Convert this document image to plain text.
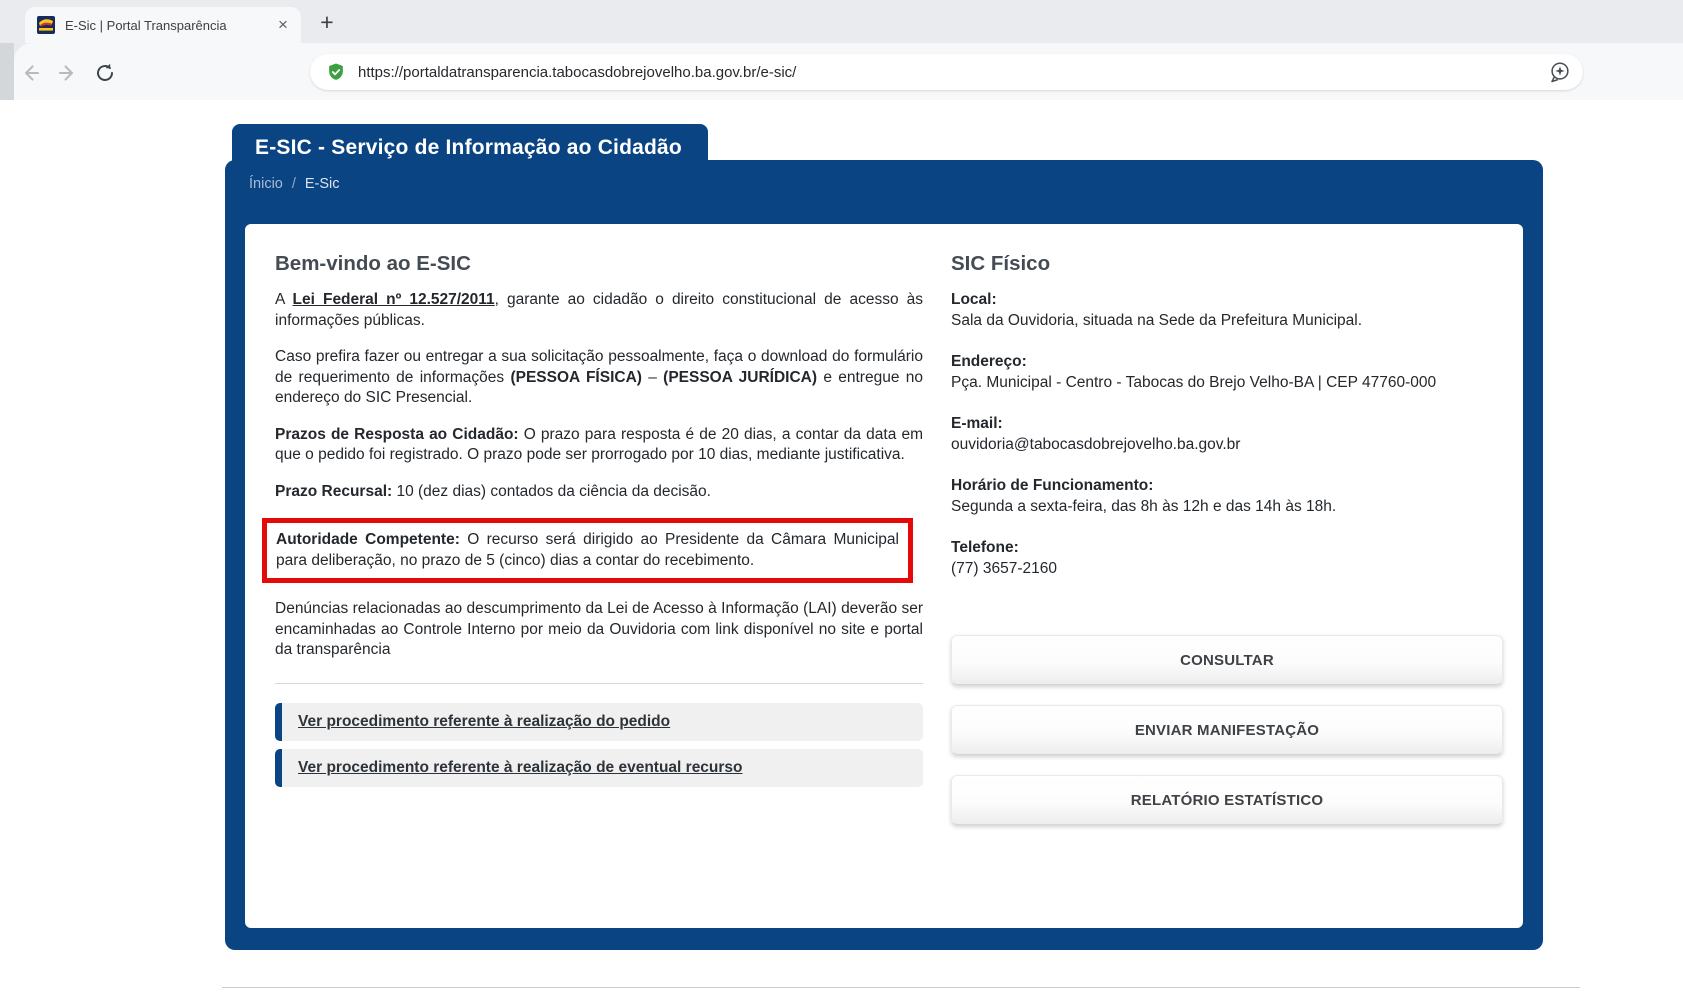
E-Sic | Portal Transparência	×	+
https://portaldatransparencia.tabocasdobrejovelho.ba.gov.br/e-sic/
E-SIC - Serviço de Informação ao Cidadão
Ínicio / E-Sic
Bem-vindo ao E-SIC

A Lei Federal nº 12.527/2011, garante ao cidadão o direito constitucional de acesso às informações públicas.

Caso prefira fazer ou entregar a sua solicitação pessoalmente, faça o download do formulário de requerimento de informações (PESSOA FÍSICA) – (PESSOA JURÍDICA) e entregue no endereço do SIC Presencial.

Prazos de Resposta ao Cidadão: O prazo para resposta é de 20 dias, a contar da data em que o pedido foi registrado. O prazo pode ser prorrogado por 10 dias, mediante justificativa.

Prazo Recursal: 10 (dez dias) contados da ciência da decisão.

Autoridade Competente: O recurso será dirigido ao Presidente da Câmara Municipal para deliberação, no prazo de 5 (cinco) dias a contar do recebimento.

Denúncias relacionadas ao descumprimento da Lei de Acesso à Informação (LAI) deverão ser encaminhadas ao Controle Interno por meio da Ouvidoria com link disponível no site e portal da transparência

Ver procedimento referente à realização do pedido
Ver procedimento referente à realização de eventual recurso
SIC Físico
Local:
Sala da Ouvidoria, situada na Sede da Prefeitura Municipal.
Endereço:
Pça. Municipal - Centro - Tabocas do Brejo Velho-BA | CEP 47760-000
E-mail:
ouvidoria@tabocasdobrejovelho.ba.gov.br
Horário de Funcionamento:
Segunda a sexta-feira, das 8h às 12h e das 14h às 18h.
Telefone:
(77) 3657-2160
CONSULTAR
ENVIAR MANIFESTAÇÃO
RELATÓRIO ESTATÍSTICO
